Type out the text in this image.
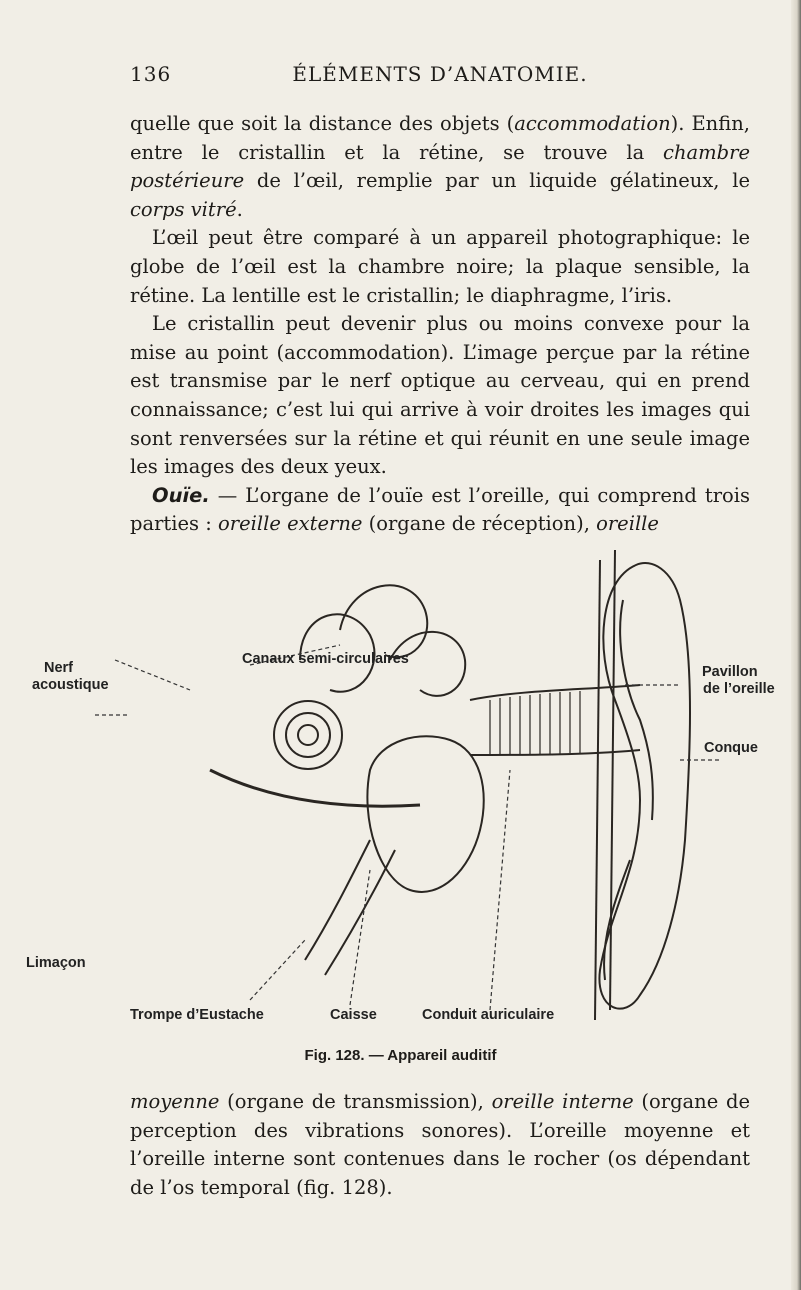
136	ÉLÉMENTS D’ANATOMIE.

quelle que soit la distance des objets (accommodation). Enfin, entre le cristallin et la rétine, se trouve la chambre postérieure de l’œil, remplie par un liquide gélatineux, le corps vitré.

L’œil peut être comparé à un appareil photographique: le globe de l’œil est la chambre noire; la plaque sensible, la rétine. La lentille est le cristallin; le diaphragme, l’iris.

Le cristallin peut devenir plus ou moins convexe pour la mise au point (accommodation). L’image perçue par la rétine est transmise par le nerf optique au cerveau, qui en prend connaissance; c’est lui qui arrive à voir droites les images qui sont renversées sur la rétine et qui réunit en une seule image les images des deux yeux.

Ouïe. — L’organe de l’ouïe est l’oreille, qui comprend trois parties : oreille externe (organe de réception), oreille

Nerf
acoustique
Canaux semi-circulaires
Pavillon
de l’oreille
Conque
Limaçon
Trompe d’Eustache	Caisse	Conduit auriculaire
Fig. 128. — Appareil auditif

moyenne (organe de transmission), oreille interne (organe de perception des vibrations sonores). L’oreille moyenne et l’oreille interne sont contenues dans le rocher (os dépendant de l’os temporal (fig. 128).
